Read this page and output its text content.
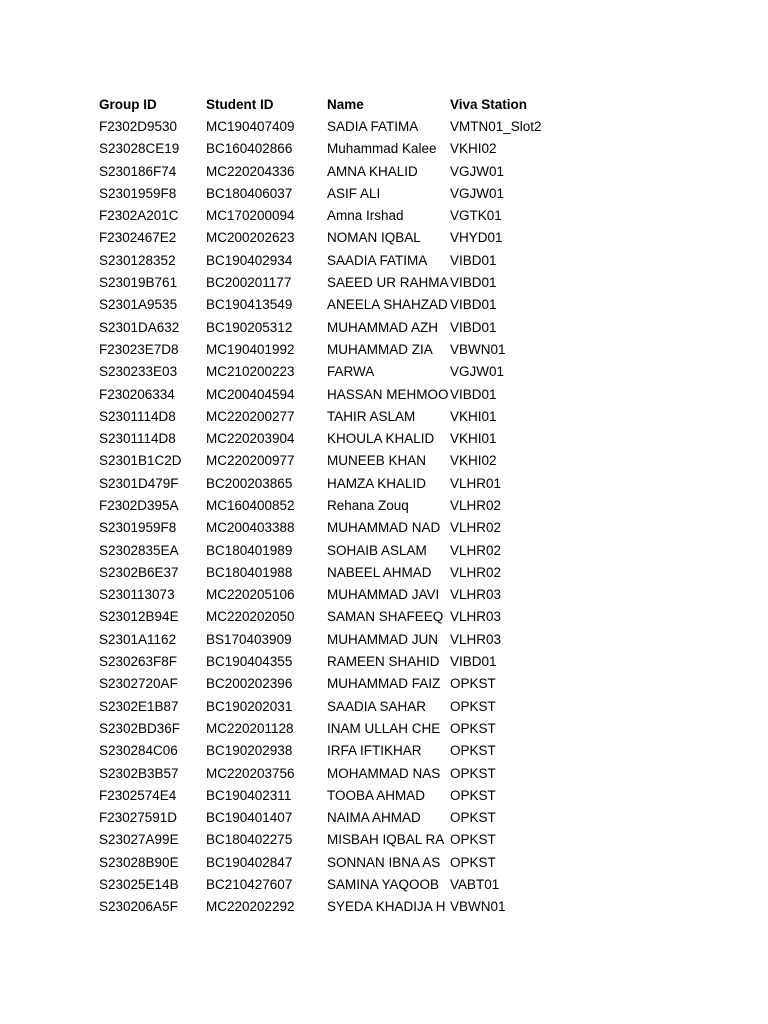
Group ID	Student ID	Name	Viva Station
F2302D9530	MC190407409	SADIA FATIMA	VMTN01_Slot2
S23028CE19	BC160402866	Muhammad Kalee VKHI02
S230186F74	MC220204336	AMNA KHALID	VGJW01
S2301959F8	BC180406037	ASIF ALI	VGJW01
F2302A201C	MC170200094	Amna Irshad	VGTK01
F2302467E2	MC200202623	NOMAN IQBAL	VHYD01
S230128352	BC190402934	SAADIA FATIMA	VIBD01
S23019B761	BC200201177	SAEED UR RAHMA VIBD01
S2301A9535	BC190413549	ANEELA SHAHZAD VIBD01
S2301DA632	BC190205312	MUHAMMAD AZH VIBD01
F23023E7D8	MC190401992	MUHAMMAD ZIA	VBWN01
S230233E03	MC210200223	FARWA	VGJW01
F230206334	MC200404594	HASSAN MEHMOO VIBD01
S2301114D8	MC220200277	TAHIR ASLAM	VKHI01
S2301114D8	MC220203904	KHOULA KHALID	VKHI01
S2301B1C2D	MC220200977	MUNEEB KHAN	VKHI02
S2301D479F	BC200203865	HAMZA KHALID	VLHR01
F2302D395A	MC160400852	Rehana Zouq	VLHR02
S2301959F8	MC200403388	MUHAMMAD NAD VLHR02
S2302835EA	BC180401989	SOHAIB ASLAM	VLHR02
S2302B6E37	BC180401988	NABEEL AHMAD	VLHR02
S230113073	MC220205106	MUHAMMAD JAVI VLHR03
S23012B94E	MC220202050	SAMAN SHAFEEQ VLHR03
S2301A1162	BS170403909	MUHAMMAD JUN VLHR03
S230263F8F	BC190404355	RAMEEN SHAHID VIBD01
S2302720AF	BC200202396	MUHAMMAD FAIZ OPKST
S2302E1B87	BC190202031	SAADIA SAHAR	OPKST
S2302BD36F	MC220201128	INAM ULLAH CHE OPKST
S230284C06	BC190202938	IRFA IFTIKHAR	OPKST
S2302B3B57	MC220203756	MOHAMMAD NAS OPKST
F2302574E4	BC190402311	TOOBA AHMAD	OPKST
F23027591D	BC190401407	NAIMA AHMAD	OPKST
S23027A99E	BC180402275	MISBAH IQBAL RA OPKST
S23028B90E	BC190402847	SONNAN IBNA AS OPKST
S23025E14B	BC210427607	SAMINA YAQOOB VABT01
S230206A5F	MC220202292	SYEDA KHADIJA H VBWN01
